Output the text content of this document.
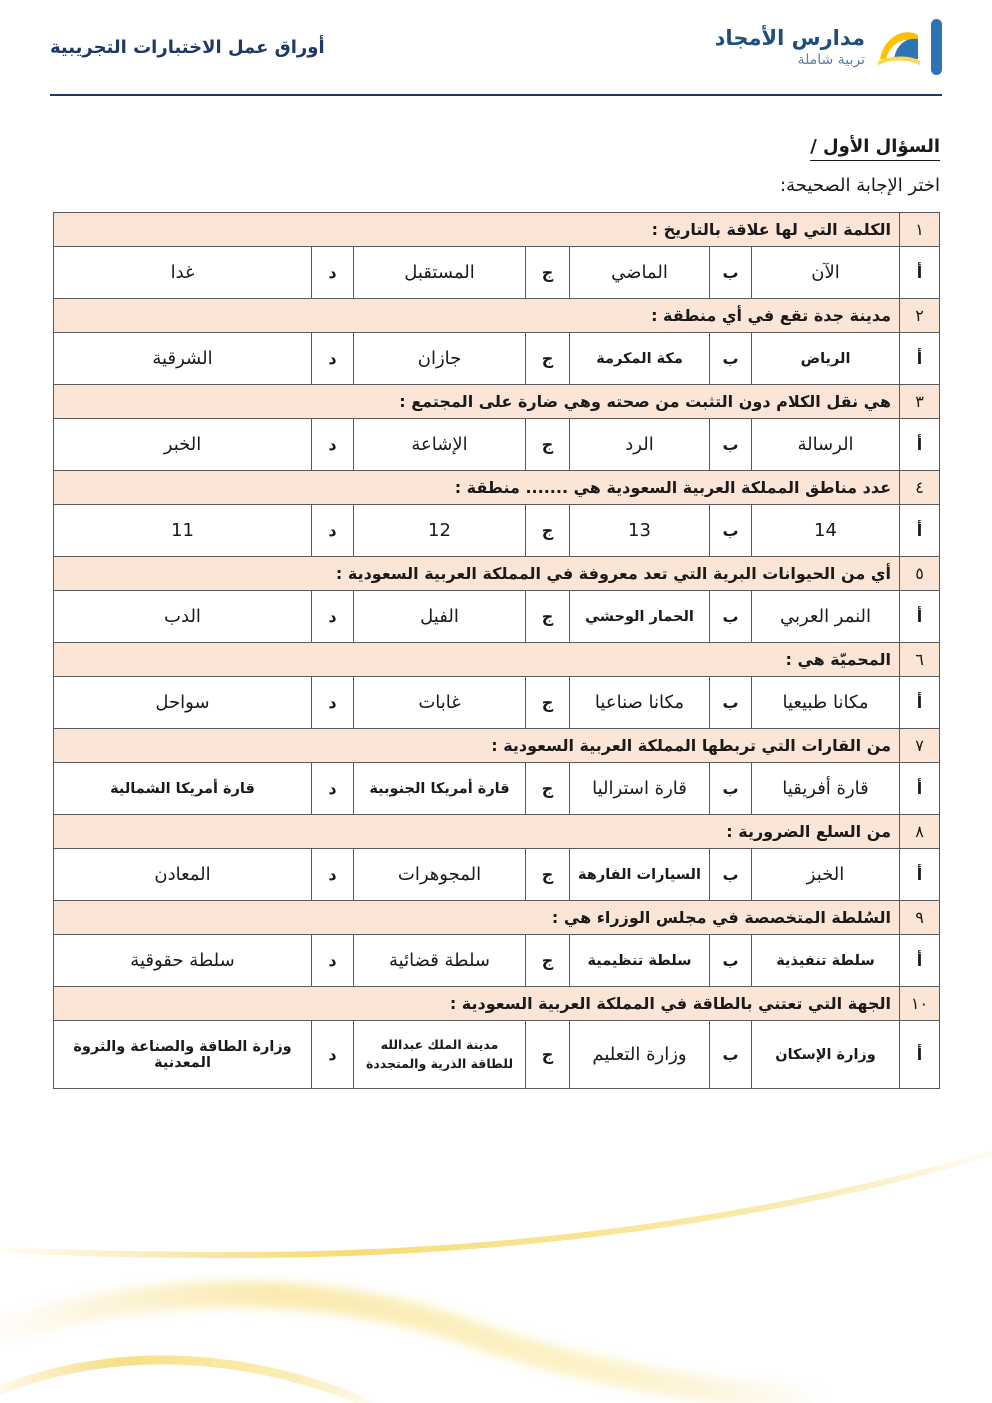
مدارس الأمجاد
تربية شاملة
أوراق عمل الاختبارات التجريبية
السؤال الأول /
اختر الإجابة الصحيحة:
١	الكلمة التي لها علاقة بالتاريخ :						
أ	الآن	ب	الماضي	ج	المستقبل	د	غدا
٢	مدينة جدة تقع في أي منطقة :						
أ	الرياض	ب	مكة المكرمة	ج	جازان	د	الشرقية
٣	هي نقل الكلام دون التثبت من صحته وهي ضارة على المجتمع :						
أ	الرسالة	ب	الرد	ج	الإشاعة	د	الخبر
٤	عدد مناطق المملكة العربية السعودية هي ....... منطقة :						
أ	14	ب	13	ج	12	د	11
٥	أي من الحيوانات البرية التي تعد معروفة في المملكة العربية السعودية :						
أ	النمر العربي	ب	الحمار الوحشي	ج	الفيل	د	الدب
٦	المحميّة هي :						
أ	مكانا طبيعيا	ب	مكانا صناعيا	ج	غابات	د	سواحل
٧	من القارات التي تربطها المملكة العربية السعودية :						
أ	قارة أفريقيا	ب	قارة استراليا	ج	قارة أمريكا الجنوبية	د	قارة أمريكا الشمالية
٨	من السلع الضرورية :						
أ	الخبز	ب	السيارات الفارهة	ج	المجوهرات	د	المعادن
٩	السُلطة المتخصصة في مجلس الوزراء هي :						
أ	سلطة تنفيذية	ب	سلطة تنظيمية	ج	سلطة قضائية	د	سلطة حقوقية
١٠	الجهة التي تعتني بالطاقة في المملكة العربية السعودية :						
أ	وزارة الإسكان	ب	وزارة التعليم	ج	مدينة الملك عبدالله للطاقة الذرية والمتجددة	د	وزارة الطاقة والصناعة والثروة المعدنية
